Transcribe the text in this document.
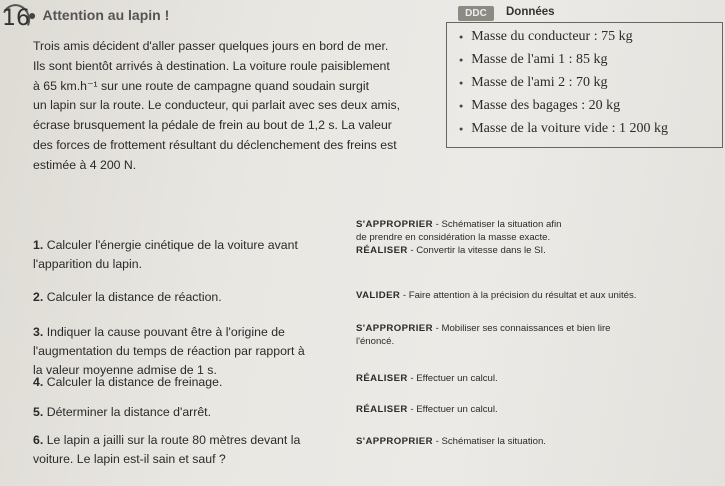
16
● Attention au lapin !

Trois amis décident d'aller passer quelques jours en bord de mer.

Ils sont bientôt arrivés à destination. La voiture roule paisiblement

à 65 km.h⁻¹ sur une route de campagne quand soudain surgit

un lapin sur la route. Le conducteur, qui parlait avec ses deux amis,

écrase brusquement la pédale de frein au bout de 1,2 s. La valeur

des forces de frottement résultant du déclenchement des freins est

estimée à 4 200 N.

DDC	Données
● Masse du conducteur : 75 kg
● Masse de l'ami 1 : 85 kg
● Masse de l'ami 2 : 70 kg
● Masse des bagages : 20 kg
● Masse de la voiture vide : 1 200 kg
1. Calculer l'énergie cinétique de la voiture avant
l'apparition du lapin.
S'APPROPRIER - Schématiser la situation afin
de prendre en considération la masse exacte.
RÉALISER - Convertir la vitesse dans le SI.
2. Calculer la distance de réaction.	VALIDER - Faire attention à la précision du résultat et aux unités.
3. Indiquer la cause pouvant être à l'origine de
l'augmentation du temps de réaction par rapport à
la valeur moyenne admise de 1 s.
S'APPROPRIER - Mobiliser ses connaissances et bien lire
l'énoncé.
4. Calculer la distance de freinage.	RÉALISER - Effectuer un calcul.
5. Déterminer la distance d'arrêt.	RÉALISER - Effectuer un calcul.
6. Le lapin a jailli sur la route 80 mètres devant la
voiture. Le lapin est-il sain et sauf ?
S'APPROPRIER - Schématiser la situation.
